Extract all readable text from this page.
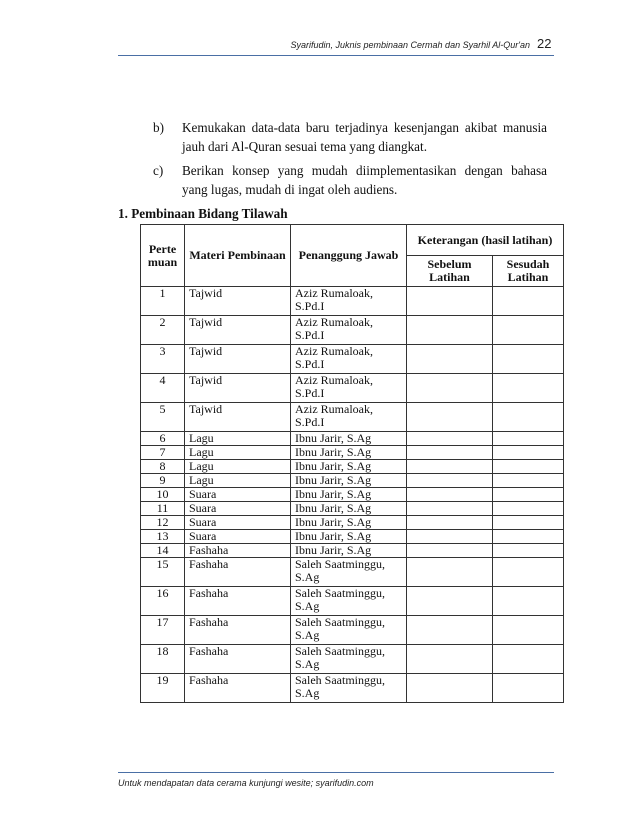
Syarifudin, Juknis pembinaan Cermah dan Syarhil Al-Qur'an 22
b) Kemukakan data-data baru terjadinya kesenjangan akibat manusia
jauh dari Al-Quran sesuai tema yang diangkat.
c) Berikan konsep yang mudah diimplementasikan dengan bahasa
yang lugas, mudah di ingat oleh audiens.
1. Pembinaan Bidang Tilawah
Perte muan	Materi Pembinaan	Penanggung Jawab	Keterangan (hasil latihan)	
			Sebelum Latihan	Sesudah Latihan
1	Tajwid	Aziz Rumaloak, S.Pd.I		
2	Tajwid	Aziz Rumaloak, S.Pd.I		
3	Tajwid	Aziz Rumaloak, S.Pd.I		
4	Tajwid	Aziz Rumaloak, S.Pd.I		
5	Tajwid	Aziz Rumaloak, S.Pd.I		
6	Lagu	Ibnu Jarir, S.Ag		
7	Lagu	Ibnu Jarir, S.Ag		
8	Lagu	Ibnu Jarir, S.Ag		
9	Lagu	Ibnu Jarir, S.Ag		
10	Suara	Ibnu Jarir, S.Ag		
11	Suara	Ibnu Jarir, S.Ag		
12	Suara	Ibnu Jarir, S.Ag		
13	Suara	Ibnu Jarir, S.Ag		
14	Fashaha	Ibnu Jarir, S.Ag		
15	Fashaha	Saleh Saatminggu, S.Ag		
16	Fashaha	Saleh Saatminggu, S.Ag		
17	Fashaha	Saleh Saatminggu, S.Ag		
18	Fashaha	Saleh Saatminggu, S.Ag		
19	Fashaha	Saleh Saatminggu, S.Ag		
Untuk mendapatan data cerama kunjungi wesite; syarifudin.com
